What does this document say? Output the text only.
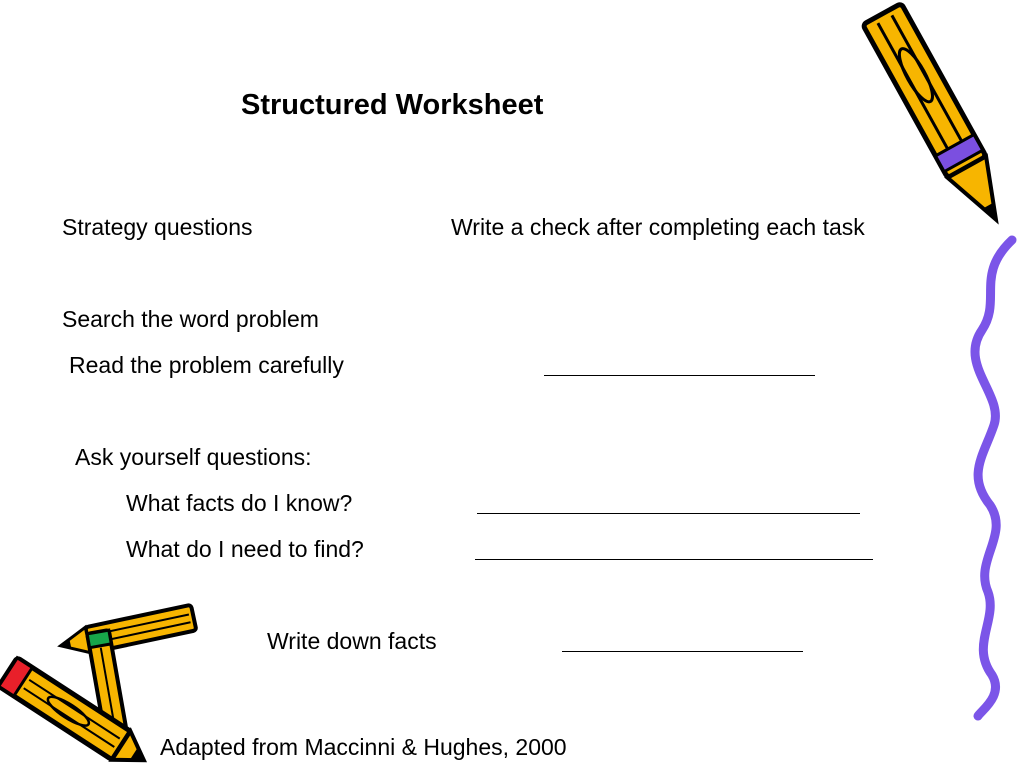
Structured Worksheet
Strategy questions	Write a check after completing each task
Search the word problem
Read the problem carefully
Ask yourself questions:
What facts do I know?
What do I need to find?
Write down facts
Adapted from Maccinni & Hughes, 2000
